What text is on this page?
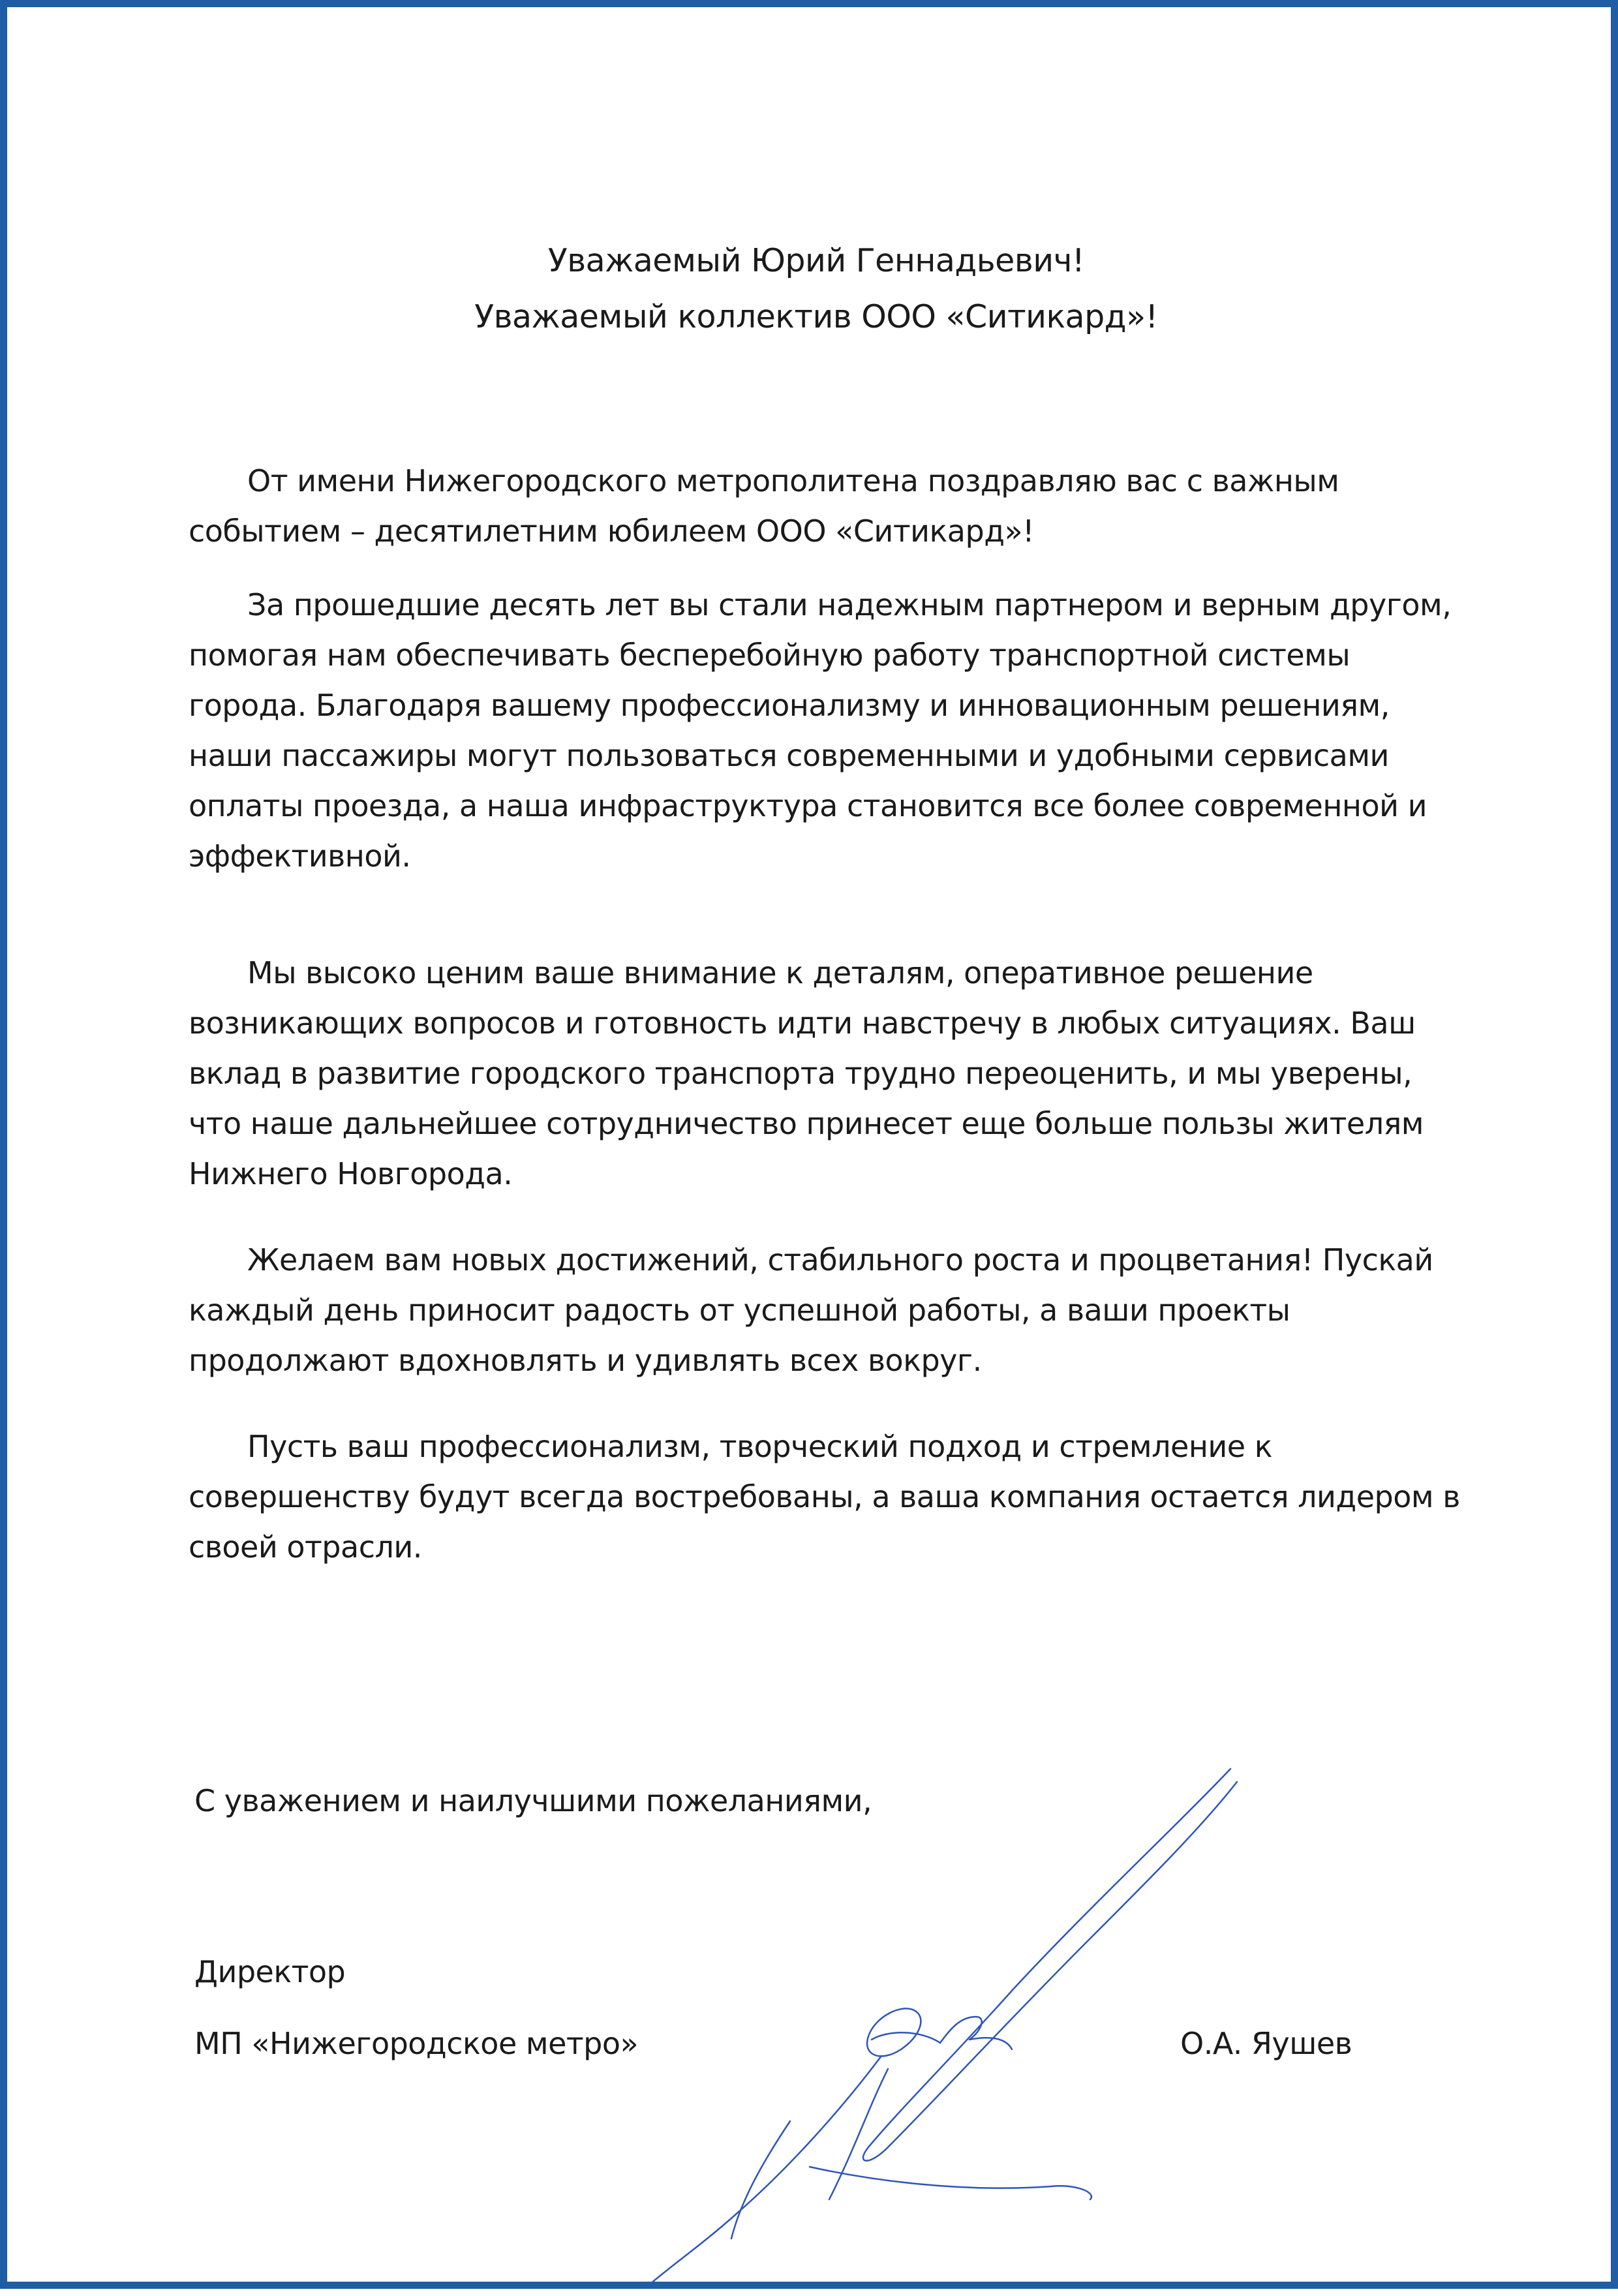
Уважаемый Юрий Геннадьевич!
Уважаемый коллектив ООО «Ситикард»!

От имени Нижегородского метрополитена поздравляю вас с важным событием – десятилетним юбилеем ООО «Ситикард»!

За прошедшие десять лет вы стали надежным партнером и верным другом, помогая нам обеспечивать бесперебойную работу транспортной системы города. Благодаря вашему профессионализму и инновационным решениям, наши пассажиры могут пользоваться современными и удобными сервисами оплаты проезда, а наша инфраструктура становится все более современной и эффективной.

Мы высоко ценим ваше внимание к деталям, оперативное решение возникающих вопросов и готовность идти навстречу в любых ситуациях. Ваш вклад в развитие городского транспорта трудно переоценить, и мы уверены, что наше дальнейшее сотрудничество принесет еще больше пользы жителям Нижнего Новгорода.

Желаем вам новых достижений, стабильного роста и процветания! Пускай каждый день приносит радость от успешной работы, а ваши проекты продолжают вдохновлять и удивлять всех вокруг.

Пусть ваш профессионализм, творческий подход и стремление к совершенству будут всегда востребованы, а ваша компания остается лидером в своей отрасли.

С уважением и наилучшими пожеланиями,
Директор
МП «Нижегородское метро»	О.А. Яушев
